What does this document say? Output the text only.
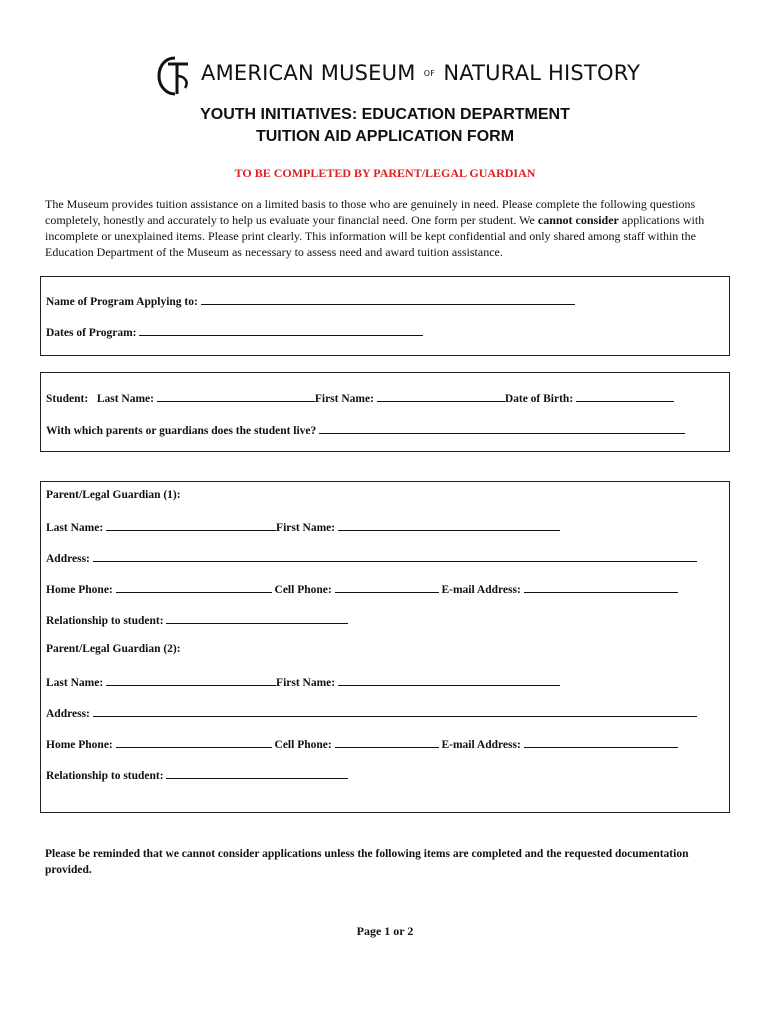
AMERICAN MUSEUM OF NATURAL HISTORY
YOUTH INITIATIVES: EDUCATION DEPARTMENT
TUITION AID APPLICATION FORM
TO BE COMPLETED BY PARENT/LEGAL GUARDIAN
The Museum provides tuition assistance on a limited basis to those who are genuinely in need. Please complete the following questions completely, honestly and accurately to help us evaluate your financial need. One form per student. We cannot consider applications with incomplete or unexplained items. Please print clearly. This information will be kept confidential and only shared among staff within the Education Department of the Museum as necessary to assess need and award tuition assistance.
Name of Program Applying to:
Dates of Program:
Student: Last Name:	First Name:	Date of Birth:
With which parents or guardians does the student live?
Parent/Legal Guardian (1):
Last Name:	First Name:
Address:
Home Phone:	Cell Phone:	E-mail Address:
Relationship to student:
Parent/Legal Guardian (2):
Last Name:	First Name:
Address:
Home Phone:	Cell Phone:	E-mail Address:
Relationship to student:
Please be reminded that we cannot consider applications unless the following items are completed and the requested documentation provided.
Page 1 or 2
